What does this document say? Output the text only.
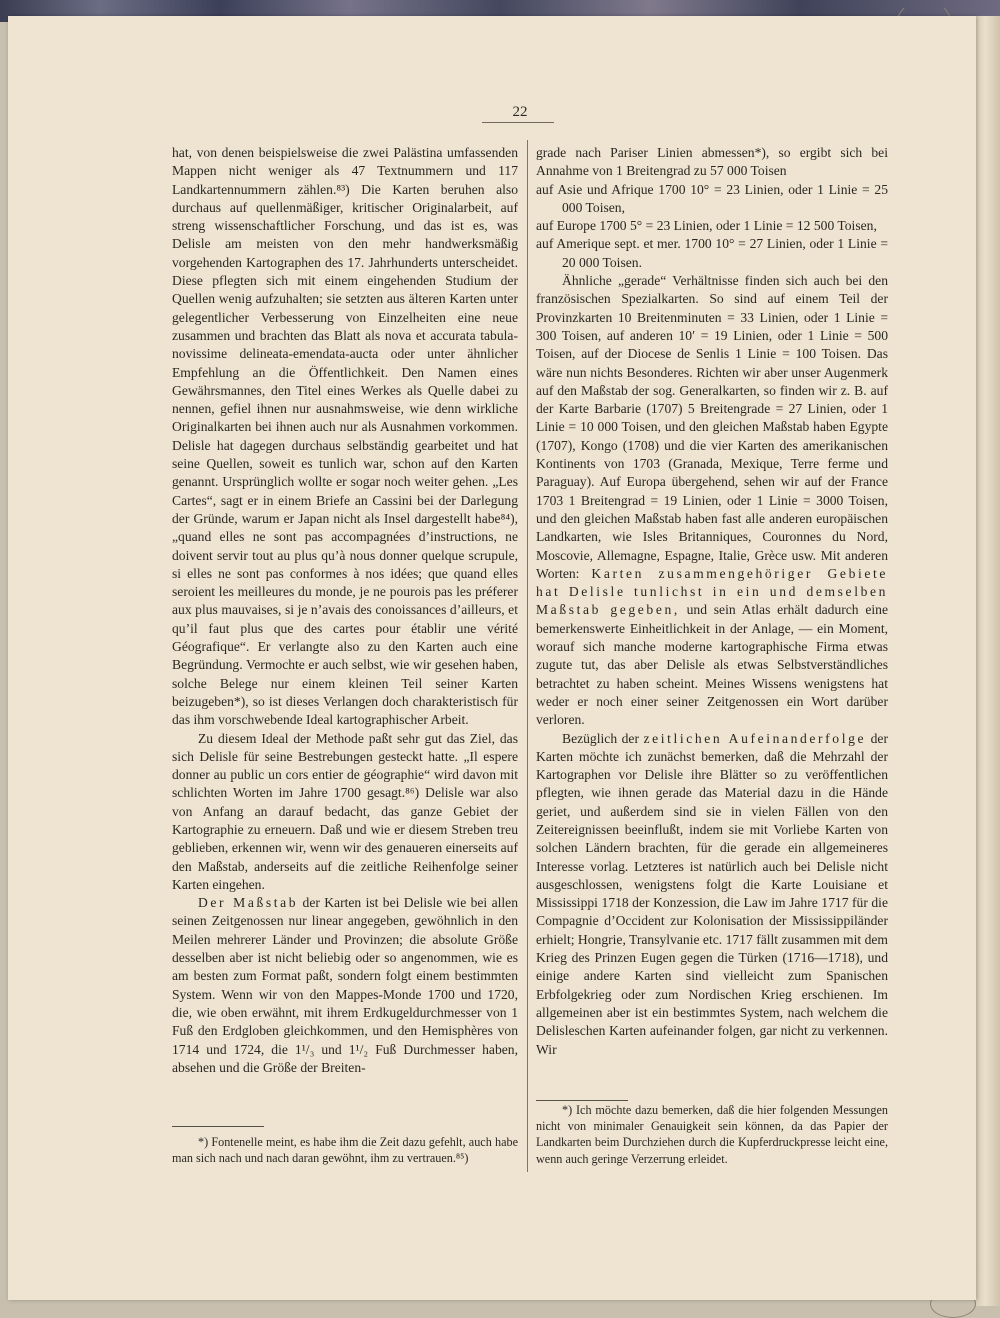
22

hat, von denen beispielsweise die zwei Palästina umfassenden Mappen nicht weniger als 47 Textnummern und 117 Landkartennummern zählen.⁸³) Die Karten beruhen also durchaus auf quellenmäßiger, kritischer Originalarbeit, auf streng wissenschaftlicher Forschung, und das ist es, was Delisle am meisten von den mehr handwerksmäßig vorgehenden Kartographen des 17. Jahrhunderts unterscheidet. Diese pflegten sich mit einem eingehenden Studium der Quellen wenig aufzuhalten; sie setzten aus älteren Karten unter gelegentlicher Verbesserung von Einzelheiten eine neue zusammen und brachten das Blatt als nova et accurata tabula-novissime delineata-emendata-aucta oder unter ähnlicher Empfehlung an die Öffentlichkeit. Den Namen eines Gewährsmannes, den Titel eines Werkes als Quelle dabei zu nennen, gefiel ihnen nur ausnahmsweise, wie denn wirkliche Originalkarten bei ihnen auch nur als Ausnahmen vorkommen. Delisle hat dagegen durchaus selbständig gearbeitet und hat seine Quellen, soweit es tunlich war, schon auf den Karten genannt. Ursprünglich wollte er sogar noch weiter gehen. „Les Cartes“, sagt er in einem Briefe an Cassini bei der Darlegung der Gründe, warum er Japan nicht als Insel dargestellt habe⁸⁴), „quand elles ne sont pas accompagnées d’instructions, ne doivent servir tout au plus qu’à nous donner quelque scrupule, si elles ne sont pas conformes à nos idées; que quand elles seroient les meilleures du monde, je ne pourois pas les préferer aux plus mauvaises, si je n’avais des conoissances d’ailleurs, et qu’il faut plus que des cartes pour établir une vérité Géografique“. Er verlangte also zu den Karten auch eine Begründung. Vermochte er auch selbst, wie wir gesehen haben, solche Belege nur einem kleinen Teil seiner Karten beizugeben*), so ist dieses Verlangen doch charakteristisch für das ihm vorschwebende Ideal kartographischer Arbeit.

Zu diesem Ideal der Methode paßt sehr gut das Ziel, das sich Delisle für seine Bestrebungen gesteckt hatte. „Il espere donner au public un cors entier de géographie“ wird davon mit schlichten Worten im Jahre 1700 gesagt.⁸⁶) Delisle war also von Anfang an darauf bedacht, das ganze Gebiet der Kartographie zu erneuern. Daß und wie er diesem Streben treu geblieben, erkennen wir, wenn wir des genaueren einerseits auf den Maßstab, anderseits auf die zeitliche Reihenfolge seiner Karten eingehen.

Der Maßstab der Karten ist bei Delisle wie bei allen seinen Zeitgenossen nur linear angegeben, gewöhnlich in den Meilen mehrerer Länder und Provinzen; die absolute Größe desselben aber ist nicht beliebig oder so angenommen, wie es am besten zum Format paßt, sondern folgt einem bestimmten System. Wenn wir von den Mappes-Monde 1700 und 1720, die, wie oben erwähnt, mit ihrem Erdkugeldurchmesser von 1 Fuß den Erdgloben gleichkommen, und den Hemisphères von 1714 und 1724, die 1¹/₃ und 1¹/₂ Fuß Durchmesser haben, absehen und die Größe der Breiten-

grade nach Pariser Linien abmessen*), so ergibt sich bei Annahme von 1 Breitengrad zu 57 000 Toisen

auf Asie und Afrique 1700 10° = 23 Linien, oder 1 Linie = 25 000 Toisen,

auf Europe 1700 5° = 23 Linien, oder 1 Linie = 12 500 Toisen,

auf Amerique sept. et mer. 1700 10° = 27 Linien, oder 1 Linie = 20 000 Toisen.

Ähnliche „gerade“ Verhältnisse finden sich auch bei den französischen Spezialkarten. So sind auf einem Teil der Provinzkarten 10 Breitenminuten = 33 Linien, oder 1 Linie = 300 Toisen, auf anderen 10′ = 19 Linien, oder 1 Linie = 500 Toisen, auf der Diocese de Senlis 1 Linie = 100 Toisen. Das wäre nun nichts Besonderes. Richten wir aber unser Augenmerk auf den Maßstab der sog. Generalkarten, so finden wir z. B. auf der Karte Barbarie (1707) 5 Breitengrade = 27 Linien, oder 1 Linie = 10 000 Toisen, und den gleichen Maßstab haben Egypte (1707), Kongo (1708) und die vier Karten des amerikanischen Kontinents von 1703 (Granada, Mexique, Terre ferme und Paraguay). Auf Europa übergehend, sehen wir auf der France 1703 1 Breitengrad = 19 Linien, oder 1 Linie = 3000 Toisen, und den gleichen Maßstab haben fast alle anderen europäischen Landkarten, wie Isles Britanniques, Couronnes du Nord, Moscovie, Allemagne, Espagne, Italie, Grèce usw. Mit anderen Worten: Karten zusammengehöriger Gebiete hat Delisle tunlichst in ein und demselben Maßstab gegeben, und sein Atlas erhält dadurch eine bemerkenswerte Einheitlichkeit in der Anlage, — ein Moment, worauf sich manche moderne kartographische Firma etwas zugute tut, das aber Delisle als etwas Selbstverständliches betrachtet zu haben scheint. Meines Wissens wenigstens hat weder er noch einer seiner Zeitgenossen ein Wort darüber verloren.

Bezüglich der zeitlichen Aufeinanderfolge der Karten möchte ich zunächst bemerken, daß die Mehrzahl der Kartographen vor Delisle ihre Blätter so zu veröffentlichen pflegten, wie ihnen gerade das Material dazu in die Hände geriet, und außerdem sind sie in vielen Fällen von den Zeitereignissen beeinflußt, indem sie mit Vorliebe Karten von solchen Ländern brachten, für die gerade ein allgemeineres Interesse vorlag. Letzteres ist natürlich auch bei Delisle nicht ausgeschlossen, wenigstens folgt die Karte Louisiane et Mississippi 1718 der Konzession, die Law im Jahre 1717 für die Compagnie d’Occident zur Kolonisation der Mississippiländer erhielt; Hongrie, Transylvanie etc. 1717 fällt zusammen mit dem Krieg des Prinzen Eugen gegen die Türken (1716—1718), und einige andere Karten sind vielleicht zum Spanischen Erbfolgekrieg oder zum Nordischen Krieg erschienen. Im allgemeinen aber ist ein bestimmtes System, nach welchem die Delisleschen Karten aufeinander folgen, gar nicht zu verkennen. Wir

*) Fontenelle meint, es habe ihm die Zeit dazu gefehlt, auch habe man sich nach und nach daran gewöhnt, ihm zu vertrauen.⁸⁵)

*) Ich möchte dazu bemerken, daß die hier folgenden Messungen nicht von minimaler Genauigkeit sein können, da das Papier der Landkarten beim Durchziehen durch die Kupferdruckpresse leicht eine, wenn auch geringe Verzerrung erleidet.
